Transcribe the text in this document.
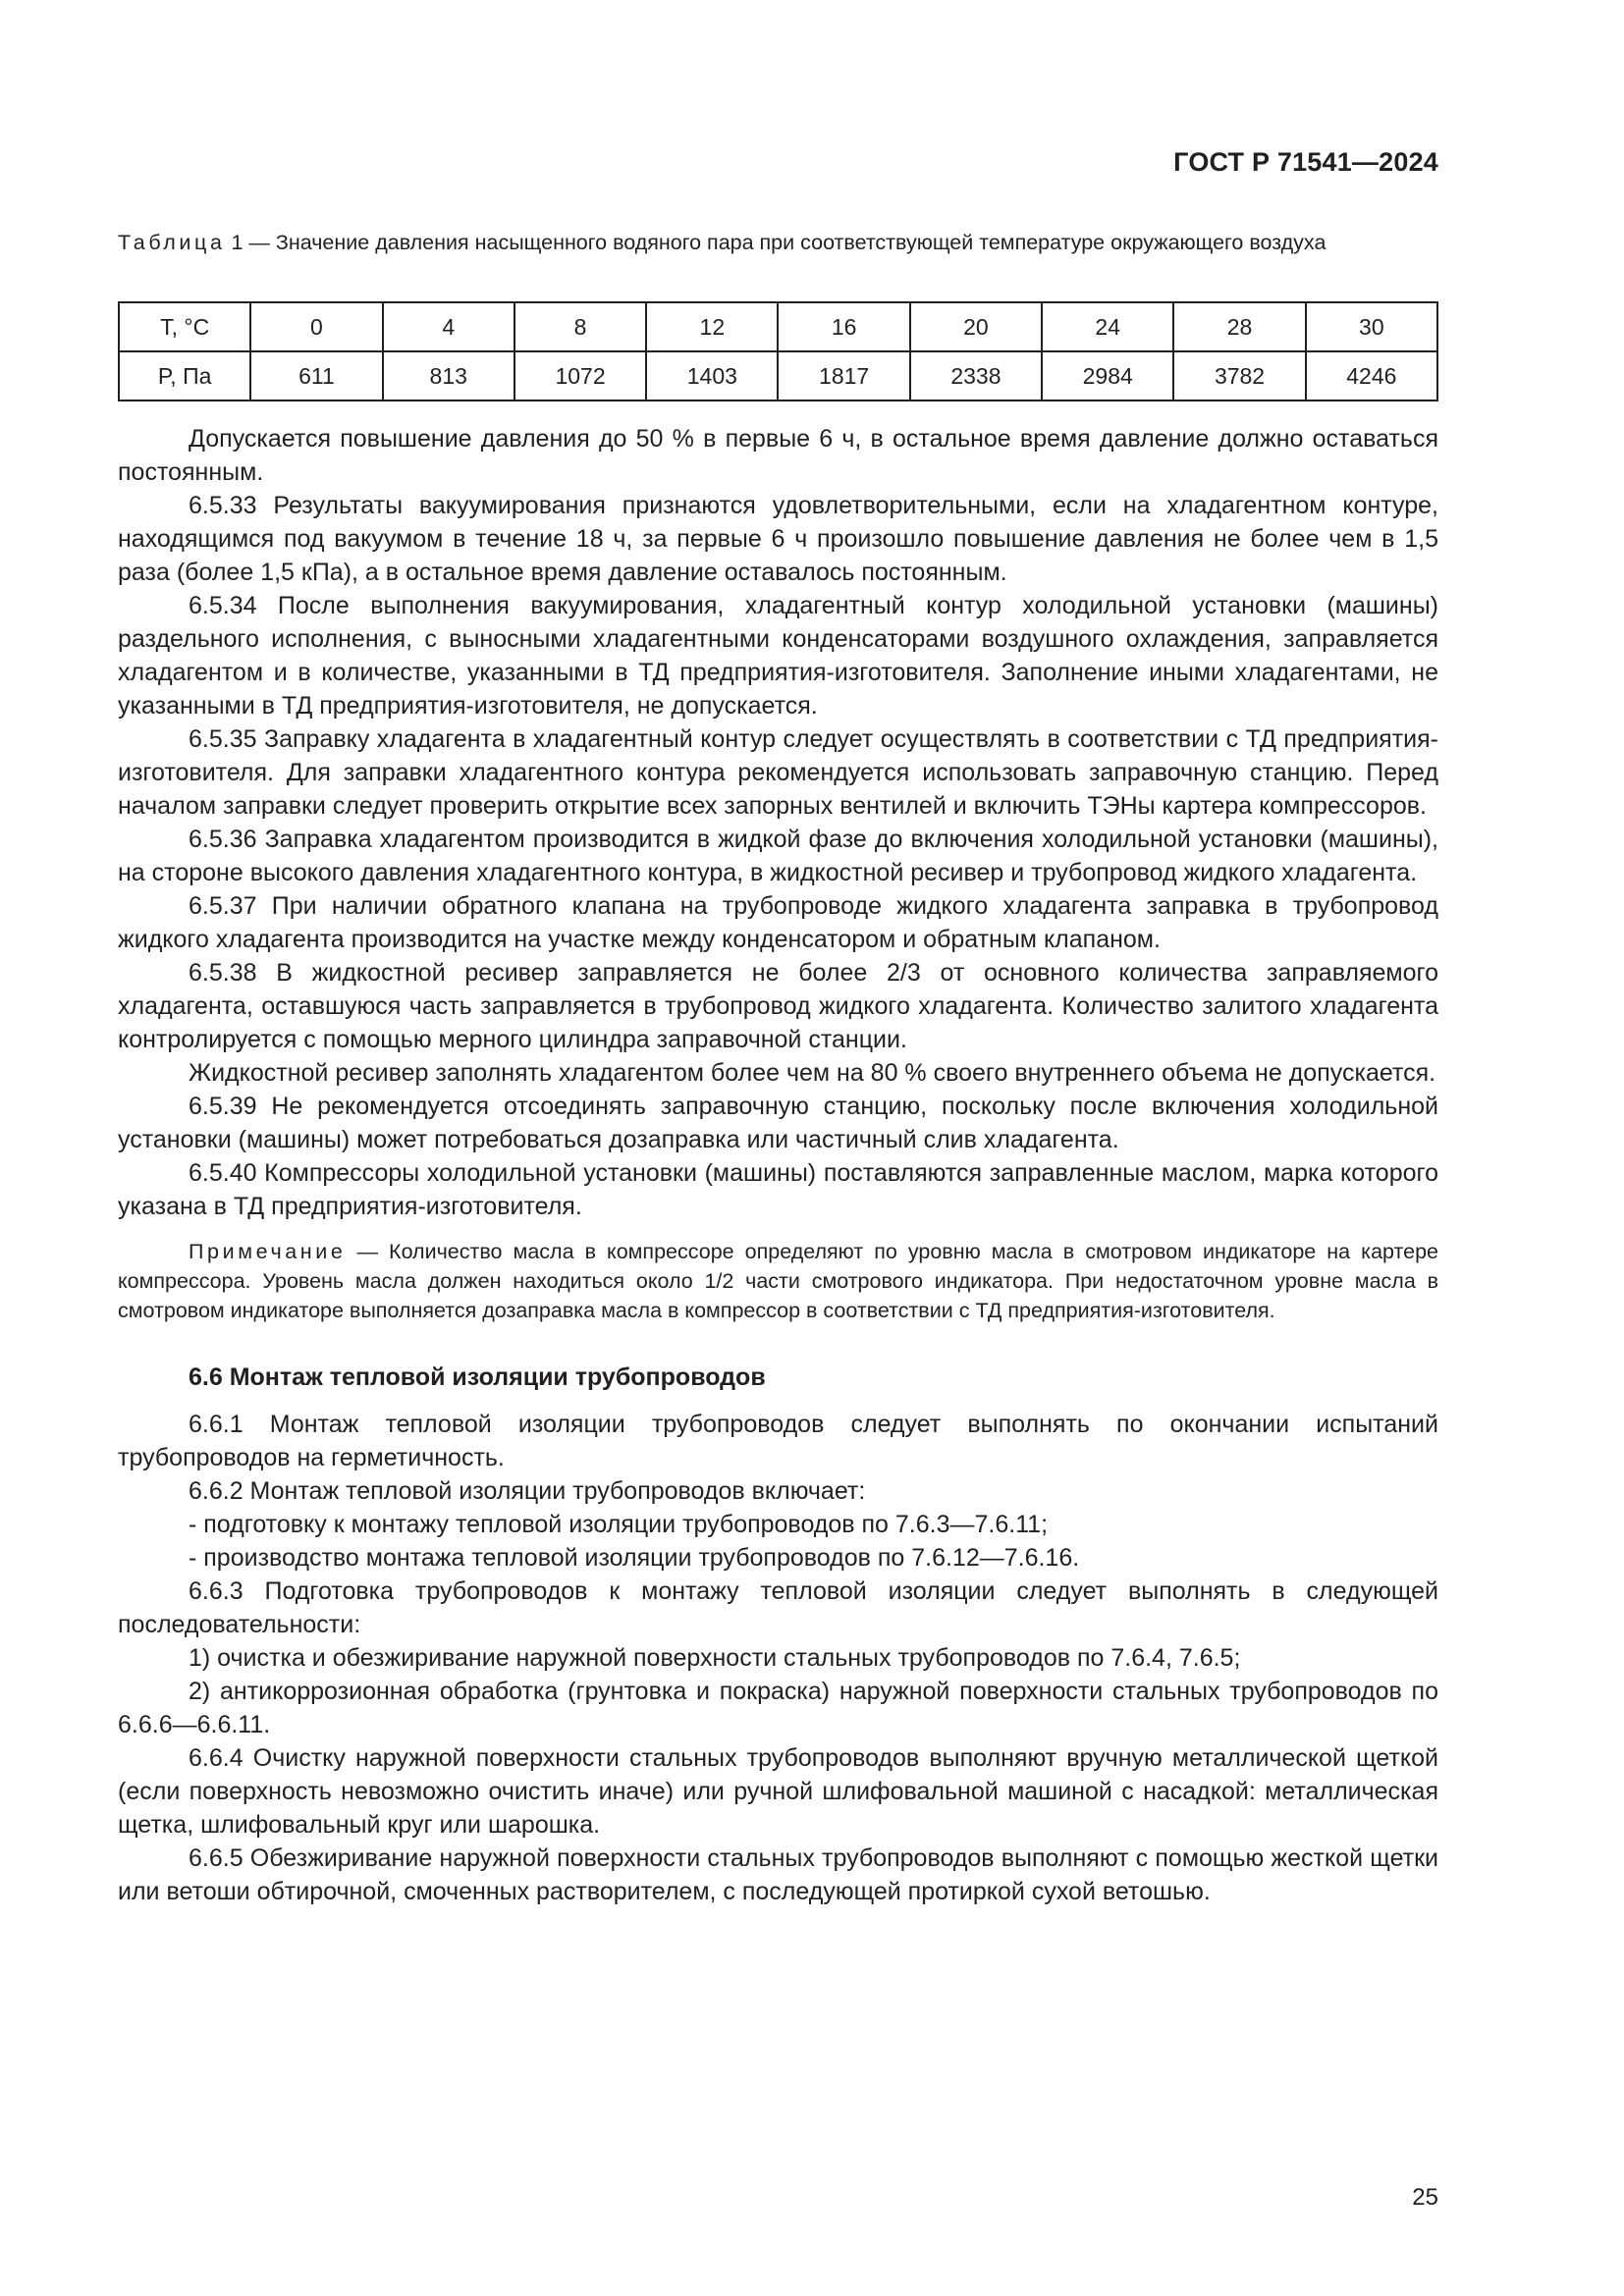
ГОСТ Р 71541—2024
Таблица 1 — Значение давления насыщенного водяного пара при соответствующей температуре окружающего воздуха
T, °C	0	4	8	12	16	20	24	28	30
P, Па	611	813	1072	1403	1817	2338	2984	3782	4246

Допускается повышение давления до 50 % в первые 6 ч, в остальное время давление должно оставаться постоянным.

6.5.33 Результаты вакуумирования признаются удовлетворительными, если на хладагентном контуре, находящимся под вакуумом в течение 18 ч, за первые 6 ч произошло повышение давления не более чем в 1,5 раза (более 1,5 кПа), а в остальное время давление оставалось постоянным.

6.5.34 После выполнения вакуумирования, хладагентный контур холодильной установки (машины) раздельного исполнения, с выносными хладагентными конденсаторами воздушного охлаждения, заправляется хладагентом и в количестве, указанными в ТД предприятия-изготовителя. Заполнение иными хладагентами, не указанными в ТД предприятия-изготовителя, не допускается.

6.5.35 Заправку хладагента в хладагентный контур следует осуществлять в соответствии с ТД предприятия-изготовителя. Для заправки хладагентного контура рекомендуется использовать заправочную станцию. Перед началом заправки следует проверить открытие всех запорных вентилей и включить ТЭНы картера компрессоров.

6.5.36 Заправка хладагентом производится в жидкой фазе до включения холодильной установки (машины), на стороне высокого давления хладагентного контура, в жидкостной ресивер и трубопровод жидкого хладагента.

6.5.37 При наличии обратного клапана на трубопроводе жидкого хладагента заправка в трубопровод жидкого хладагента производится на участке между конденсатором и обратным клапаном.

6.5.38 В жидкостной ресивер заправляется не более 2/3 от основного количества заправляемого хладагента, оставшуюся часть заправляется в трубопровод жидкого хладагента. Количество залитого хладагента контролируется с помощью мерного цилиндра заправочной станции.

Жидкостной ресивер заполнять хладагентом более чем на 80 % своего внутреннего объема не допускается.

6.5.39 Не рекомендуется отсоединять заправочную станцию, поскольку после включения холодильной установки (машины) может потребоваться дозаправка или частичный слив хладагента.

6.5.40 Компрессоры холодильной установки (машины) поставляются заправленные маслом, марка которого указана в ТД предприятия-изготовителя.

Примечание — Количество масла в компрессоре определяют по уровню масла в смотровом индикаторе на картере компрессора. Уровень масла должен находиться около 1/2 части смотрового индикатора. При недостаточном уровне масла в смотровом индикаторе выполняется дозаправка масла в компрессор в соответствии с ТД предприятия-изготовителя.

6.6 Монтаж тепловой изоляции трубопроводов

6.6.1 Монтаж тепловой изоляции трубопроводов следует выполнять по окончании испытаний трубопроводов на герметичность.

6.6.2 Монтаж тепловой изоляции трубопроводов включает:

- подготовку к монтажу тепловой изоляции трубопроводов по 7.6.3—7.6.11;

- производство монтажа тепловой изоляции трубопроводов по 7.6.12—7.6.16.

6.6.3 Подготовка трубопроводов к монтажу тепловой изоляции следует выполнять в следующей последовательности:

1) очистка и обезжиривание наружной поверхности стальных трубопроводов по 7.6.4, 7.6.5;

2) антикоррозионная обработка (грунтовка и покраска) наружной поверхности стальных трубопроводов по 6.6.6—6.6.11.

6.6.4 Очистку наружной поверхности стальных трубопроводов выполняют вручную металлической щеткой (если поверхность невозможно очистить иначе) или ручной шлифовальной машиной с насадкой: металлическая щетка, шлифовальный круг или шарошка.

6.6.5 Обезжиривание наружной поверхности стальных трубопроводов выполняют с помощью жесткой щетки или ветоши обтирочной, смоченных растворителем, с последующей протиркой сухой ветошью.

25
